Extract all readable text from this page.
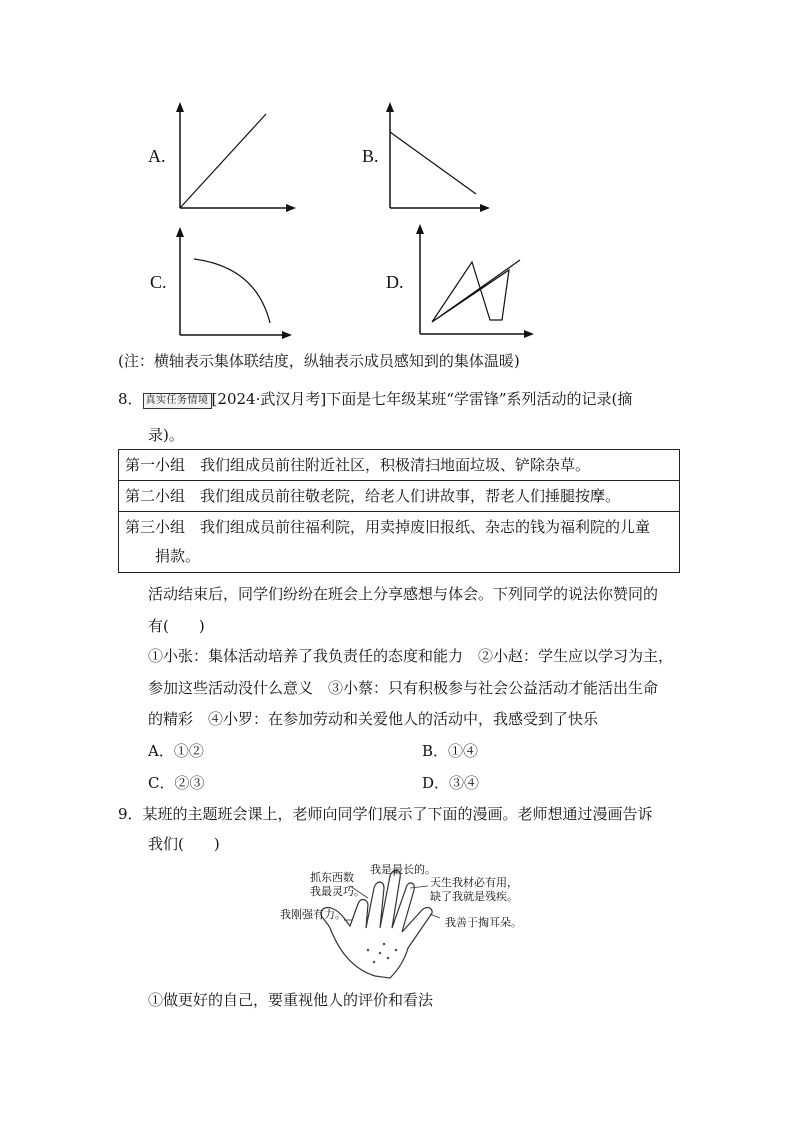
A.	B.
C.	D.
(注：横轴表示集体联结度，纵轴表示成员感知到的集体温暖)
8． 真实任务情境 [2024·武汉月考]下面是七年级某班“学雷锋”系列活动的记录(摘
录)。
第一小组　 我们组成员前往附近社区，积极清扫地面垃圾、铲除杂草。
第二小组　 我们组成员前往敬老院，给老人们讲故事，帮老人们捶腿按摩。

第三小组　 我们组成员前往福利院，用卖掉废旧报纸、杂志的钱为福利院的儿童
捐款。
活动结束后，同学们纷纷在班会上分享感想与体会。下列同学的说法你赞同的
有(　　)
①小张：集体活动培养了我负责任的态度和能力　②小赵：学生应以学习为主，
参加这些活动没什么意义　③小蔡：只有积极参与社会公益活动才能活出生命
的精彩　④小罗：在参加劳动和关爱他人的活动中，我感受到了快乐
A．①②	B．①④
C．②③	D．③④
9．某班的主题班会课上，老师向同学们展示了下面的漫画。老师想通过漫画告诉
我们(　　)
抓东西数
我最灵巧。
我是最长的。
天生我材必有用，
缺了我就是残疾。
我刚强有力。
我善于掏耳朵。
①做更好的自己，要重视他人的评价和看法
